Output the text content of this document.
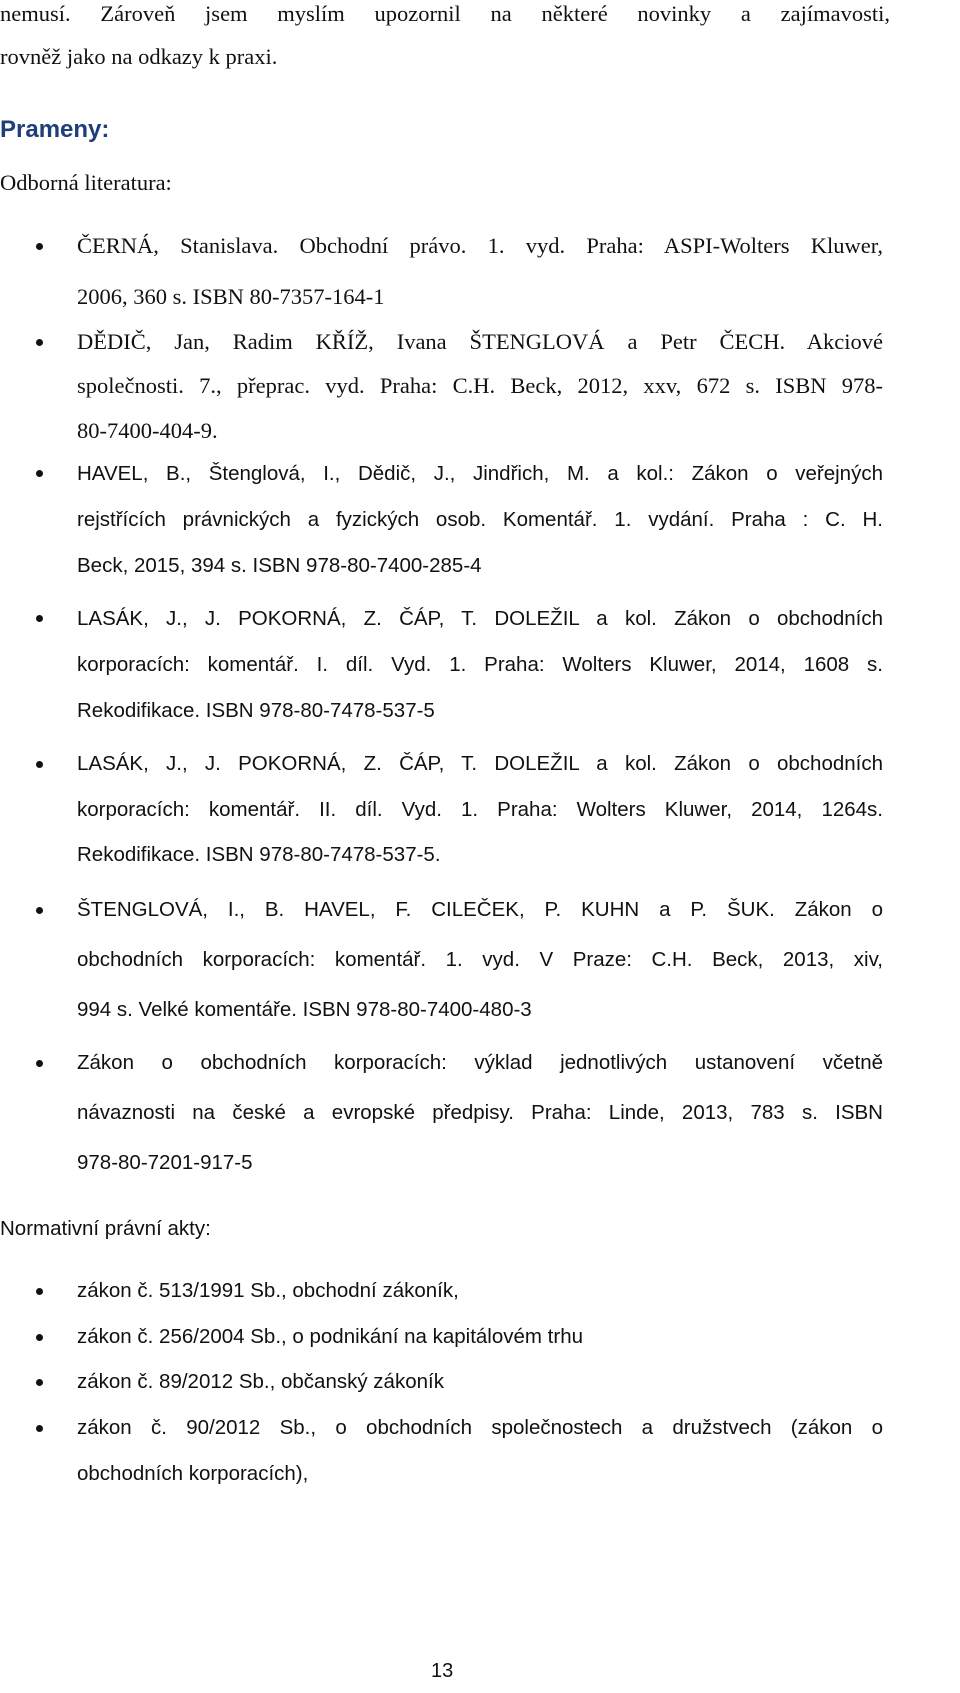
nemusí. Zároveň jsem myslím upozornil na některé novinky a zajímavosti,
rovněž jako na odkazy k praxi.
Prameny:
Odborná literatura:
ČERNÁ, Stanislava. Obchodní právo. 1. vyd. Praha: ASPI-Wolters Kluwer,
2006, 360 s. ISBN 80-7357-164-1
DĚDIČ, Jan, Radim KŘÍŽ, Ivana ŠTENGLOVÁ a Petr ČECH. Akciové
společnosti. 7., přeprac. vyd. Praha: C.H. Beck, 2012, xxv, 672 s. ISBN 978-
80-7400-404-9.
HAVEL, B., Štenglová, I., Dědič, J., Jindřich, M. a kol.: Zákon o veřejných
rejstřících právnických a fyzických osob. Komentář. 1. vydání. Praha : C. H.
Beck, 2015, 394 s. ISBN 978-80-7400-285-4
LASÁK, J., J. POKORNÁ, Z. ČÁP, T. DOLEŽIL a kol. Zákon o obchodních
korporacích: komentář. I. díl. Vyd. 1. Praha: Wolters Kluwer, 2014, 1608 s.
Rekodifikace. ISBN 978-80-7478-537-5
LASÁK, J., J. POKORNÁ, Z. ČÁP, T. DOLEŽIL a kol. Zákon o obchodních
korporacích: komentář. II. díl. Vyd. 1. Praha: Wolters Kluwer, 2014, 1264s.
Rekodifikace. ISBN 978-80-7478-537-5.
ŠTENGLOVÁ, I., B. HAVEL, F. CILEČEK, P. KUHN a P. ŠUK. Zákon o
obchodních korporacích: komentář. 1. vyd. V Praze: C.H. Beck, 2013, xiv,
994 s. Velké komentáře. ISBN 978-80-7400-480-3
Zákon o obchodních korporacích: výklad jednotlivých ustanovení včetně
návaznosti na české a evropské předpisy. Praha: Linde, 2013, 783 s. ISBN
978-80-7201-917-5
Normativní právní akty:
zákon č. 513/1991 Sb., obchodní zákoník,
zákon č. 256/2004 Sb., o podnikání na kapitálovém trhu
zákon č. 89/2012 Sb., občanský zákoník
zákon č. 90/2012 Sb., o obchodních společnostech a družstvech (zákon o
obchodních korporacích),
13
